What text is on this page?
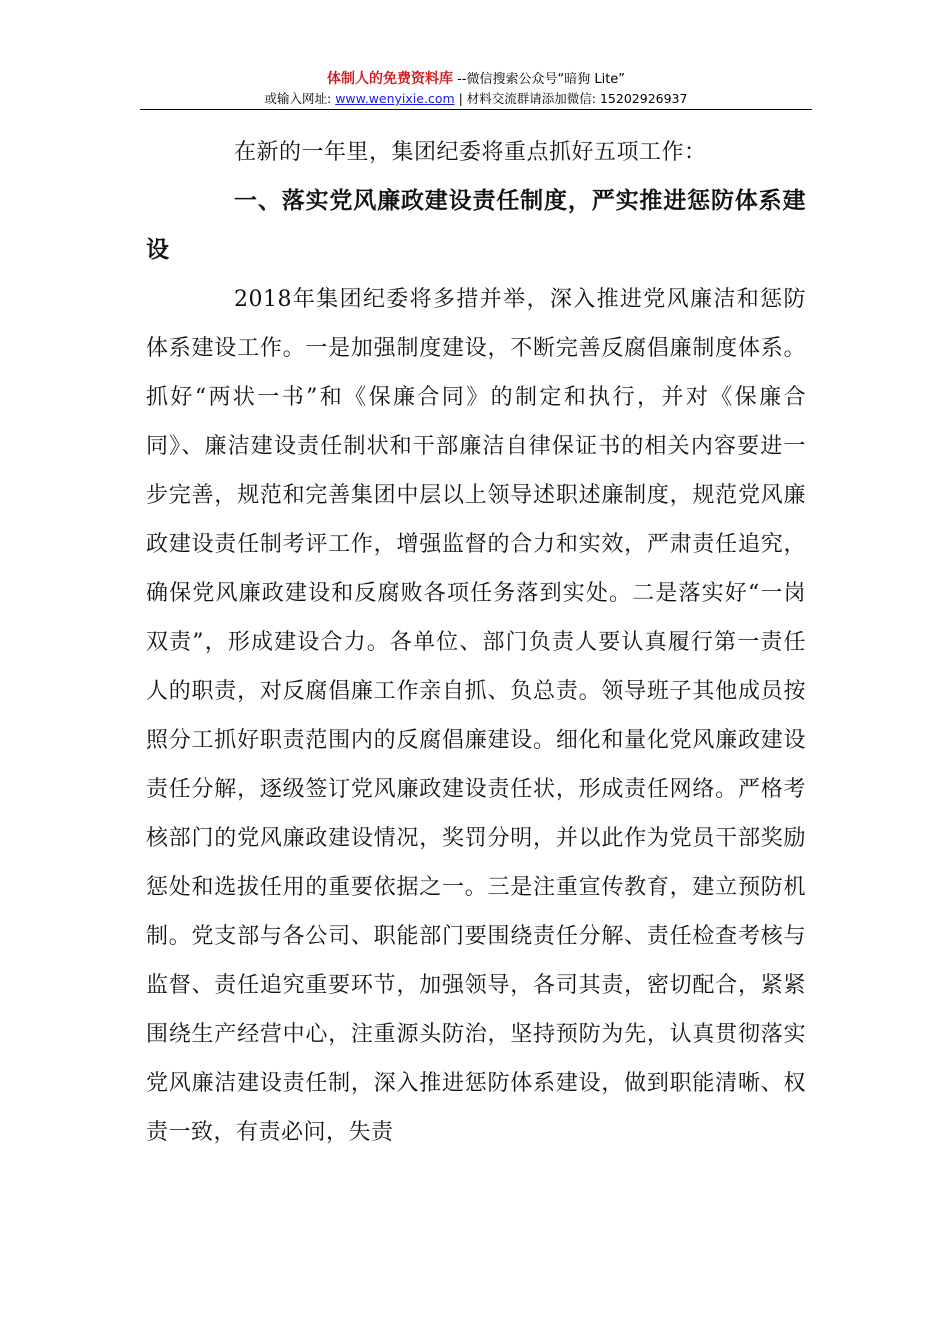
体制人的免费资料库 --微信搜索公众号“暗狗 Lite”
或输入网址: www.wenyixie.com | 材料交流群请添加微信: 15202926937

在新的一年里，集团纪委将重点抓好五项工作：

一、落实党风廉政建设责任制度，严实推进惩防体系建设

2018年集团纪委将多措并举，深入推进党风廉洁和惩防体系建设工作。一是加强制度建设，不断完善反腐倡廉制度体系。抓好“两状一书”和《保廉合同》的制定和执行，并对《保廉合同》、廉洁建设责任制状和干部廉洁自律保证书的相关内容要进一步完善，规范和完善集团中层以上领导述职述廉制度，规范党风廉政建设责任制考评工作，增强监督的合力和实效，严肃责任追究，确保党风廉政建设和反腐败各项任务落到实处。二是落实好“一岗双责”，形成建设合力。各单位、部门负责人要认真履行第一责任人的职责，对反腐倡廉工作亲自抓、负总责。领导班子其他成员按照分工抓好职责范围内的反腐倡廉建设。细化和量化党风廉政建设责任分解，逐级签订党风廉政建设责任状，形成责任网络。严格考核部门的党风廉政建设情况，奖罚分明，并以此作为党员干部奖励惩处和选拔任用的重要依据之一。三是注重宣传教育，建立预防机制。党支部与各公司、职能部门要围绕责任分解、责任检查考核与监督、责任追究重要环节，加强领导，各司其责，密切配合，紧紧围绕生产经营中心，注重源头防治，坚持预防为先，认真贯彻落实党风廉洁建设责任制，深入推进惩防体系建设，做到职能清晰、权责一致，有责必问，失责
